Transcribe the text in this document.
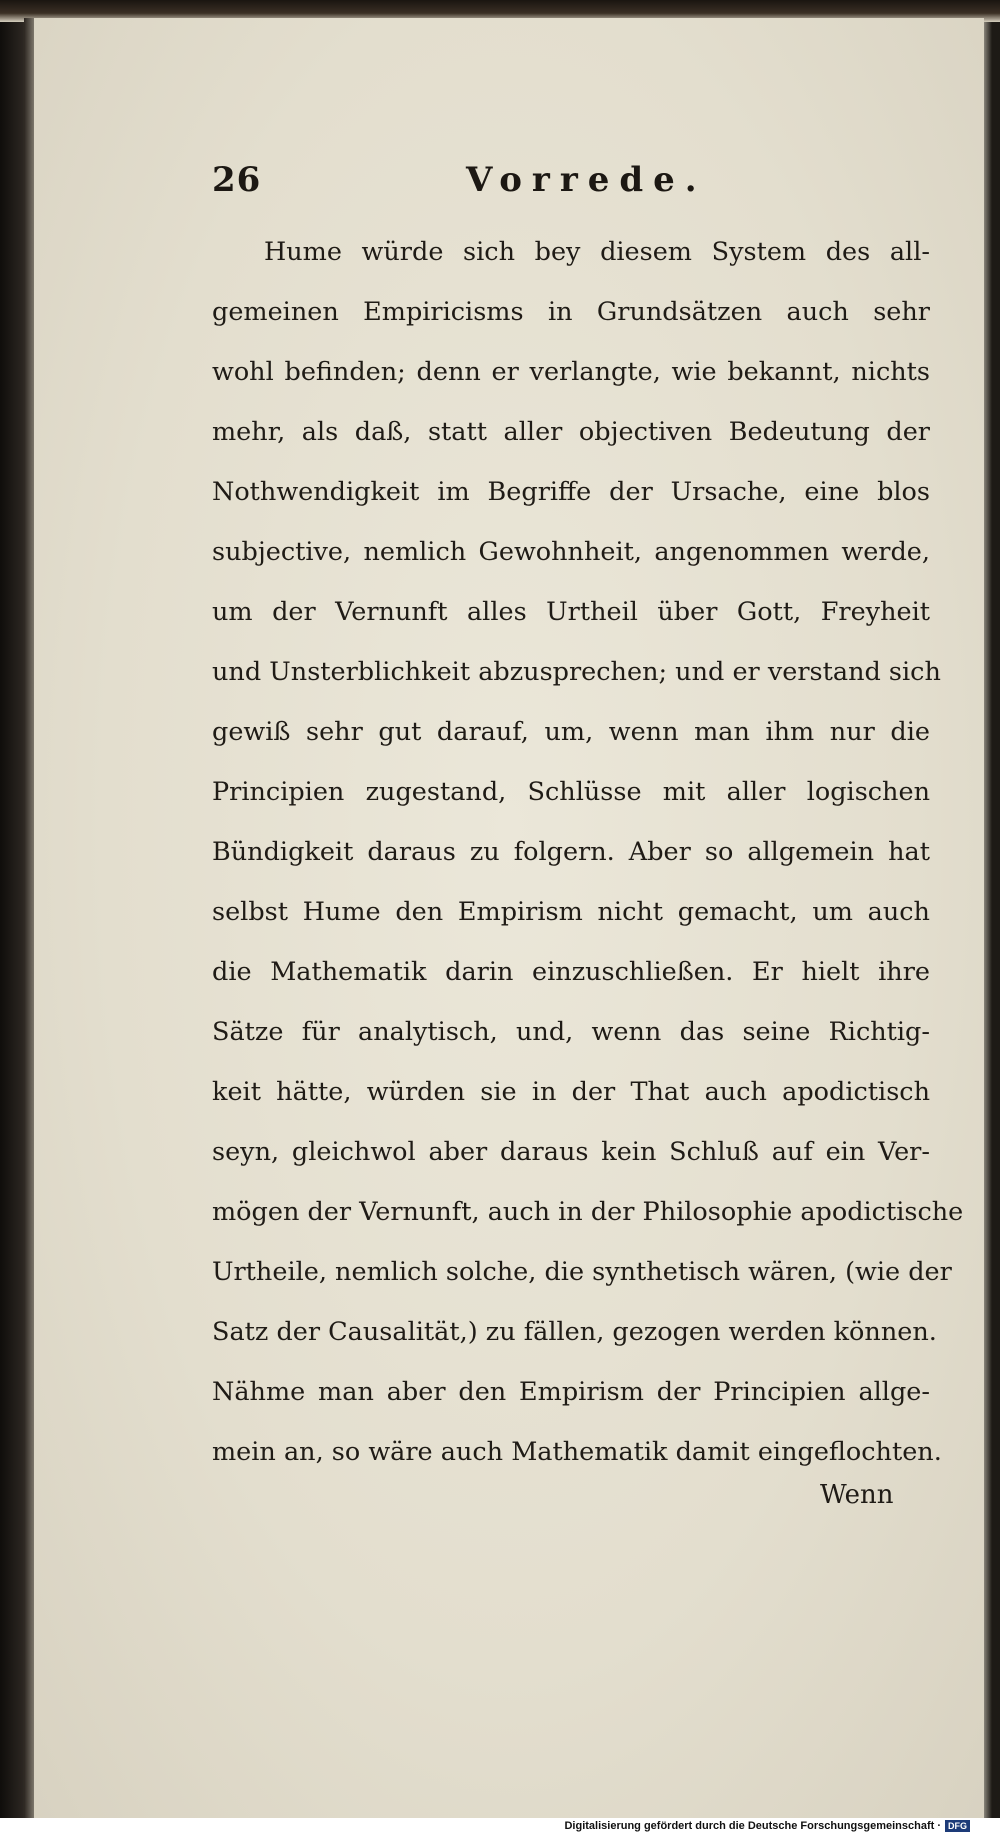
26	Vorrede.
Hume würde sich bey diesem System des all-
gemeinen Empiricisms in Grundsätzen auch sehr
wohl befinden; denn er verlangte, wie bekannt, nichts
mehr, als daß, statt aller objectiven Bedeutung der
Nothwendigkeit im Begriffe der Ursache, eine blos
subjective, nemlich Gewohnheit, angenommen werde,
um der Vernunft alles Urtheil über Gott, Freyheit
und Unsterblichkeit abzusprechen; und er verstand sich
gewiß sehr gut darauf, um, wenn man ihm nur die
Principien zugestand, Schlüsse mit aller logischen
Bündigkeit daraus zu folgern. Aber so allgemein hat
selbst Hume den Empirism nicht gemacht, um auch
die Mathematik darin einzuschließen. Er hielt ihre
Sätze für analytisch, und, wenn das seine Richtig-
keit hätte, würden sie in der That auch apodictisch
seyn, gleichwol aber daraus kein Schluß auf ein Ver-
mögen der Vernunft, auch in der Philosophie apodictische
Urtheile, nemlich solche, die synthetisch wären, (wie der
Satz der Causalität,) zu fällen, gezogen werden können.
Nähme man aber den Empirism der Principien allge-
mein an, so wäre auch Mathematik damit eingeflochten.
Wenn
Digitalisierung gefördert durch die Deutsche Forschungsgemeinschaft · DFG
